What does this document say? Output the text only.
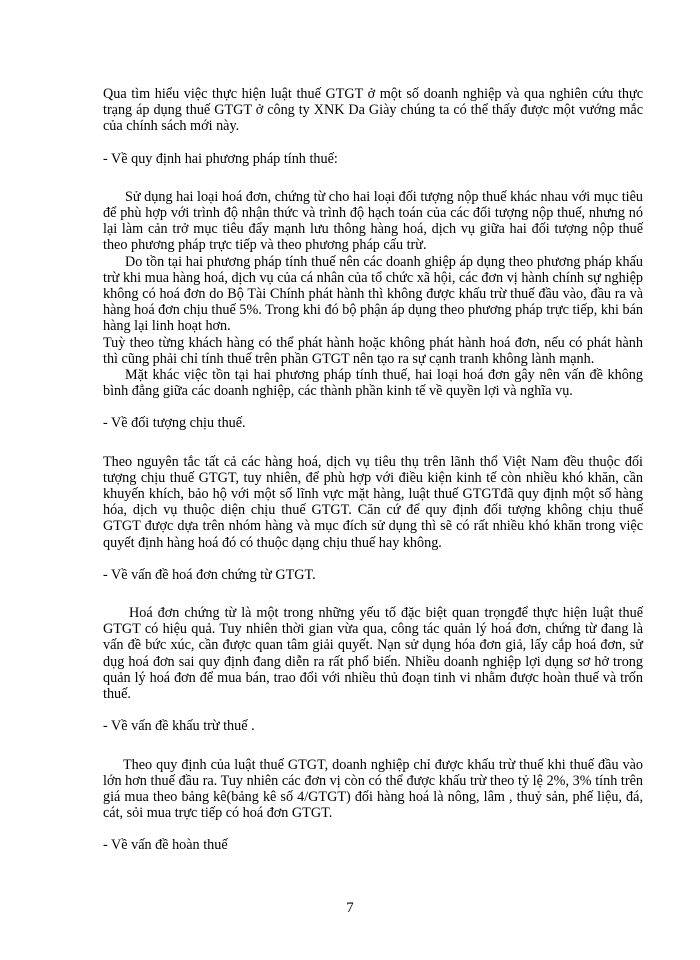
Qua tìm hiểu việc thực hiện luật thuế GTGT ở một số doanh nghiệp và qua nghiên cứu thực trạng áp dụng thuế GTGT ở công ty XNK Da Giày chúng ta có thể thấy được một vướng mắc của chính sách mới này.

- Về quy định hai phương pháp tính thuế:

Sử dụng hai loại hoá đơn, chứng từ cho hai loại đối tượng nộp thuế khác nhau với mục tiêu để phù hợp với trình độ nhận thức và trình độ hạch toán của các đối tượng nộp thuế, nhưng nó lại làm cản trở mục tiêu đẩy mạnh lưu thông hàng hoá, dịch vụ giữa hai đối tượng nộp thuế theo phương pháp trực tiếp và theo phương pháp cấu trừ.

Do tồn tại hai phương pháp tính thuế nên các doanh ghiệp áp dụng theo phương pháp khấu trừ khi mua hàng hoá, dịch vụ của cá nhân của tổ chức xã hội, các đơn vị hành chính sự nghiệp không có hoá đơn do Bộ Tài Chính phát hành thì không được khấu trừ thuế đầu vào, đầu ra và hàng hoá đơn chịu thuế 5%. Trong khi đó bộ phận áp dụng theo phương pháp trực tiếp, khi bán hàng lại linh hoạt hơn.

Tuỳ theo từng khách hàng có thể phát hành hoặc không phát hành hoá đơn, nếu có phát hành thì cũng phải chỉ tính thuế trên phần GTGT nên tạo ra sự cạnh tranh không lành mạnh.

Mặt khác việc tồn tại hai phương pháp tính thuế, hai loại hoá đơn gây nên vấn đề không bình đẳng giữa các doanh nghiệp, các thành phần kinh tế về quyền lợi và nghĩa vụ.

- Về đối tượng chịu thuế.

Theo nguyên tắc tất cả các hàng hoá, dịch vụ tiêu thụ trên lãnh thổ Việt Nam đều thuộc đối tượng chịu thuế GTGT, tuy nhiên, để phù hợp với điều kiện kinh tế còn nhiều khó khăn, cần khuyến khích, bảo hộ với một số lĩnh vực mặt hàng, luật thuế GTGTđã quy định một số hàng hóa, dịch vụ thuộc diện chịu thuế GTGT. Căn cứ để quy định đối tượng không chịu thuế GTGT được dựa trên nhóm hàng và mục đích sử dụng thì sẽ có rất nhiều khó khăn trong việc quyết định hàng hoá đó có thuộc dạng chịu thuế hay không.

- Về vấn đề hoá đơn chứng từ GTGT.

Hoá đơn chứng từ là một trong những yếu tố đặc biệt quan trọngđể thực hiện luật thuế GTGT có hiệu quả. Tuy nhiên thời gian vừa qua, công tác quản lý hoá đơn, chứng từ đang là vấn đề bức xúc, cần được quan tâm giải quyết. Nạn sử dụng hóa đơn giả, lấy cắp hoá đơn, sử dụg hoá đơn sai quy định đang diễn ra rất phổ biến. Nhiều doanh nghiệp lợi dụng sơ hở trong quản lý hoá đơn để mua bán, trao đổi với nhiều thủ đoạn tinh vi nhằm được hoàn thuế và trốn thuế.

- Về vấn đề khấu trừ thuế .

Theo quy định của luật thuế GTGT, doanh nghiệp chỉ được khấu trừ thuế khi thuế đầu vào lớn hơn thuế đầu ra. Tuy nhiên các đơn vị còn có thể được khấu trừ theo tỷ lệ 2%, 3% tính trên giá mua theo bảng kê(bảng kê số 4/GTGT) đối hàng hoá là nông, lâm , thuỷ sản, phế liệu, đá, cát, sỏi mua trực tiếp có hoá đơn GTGT.

- Về vấn đề hoàn thuế

7
